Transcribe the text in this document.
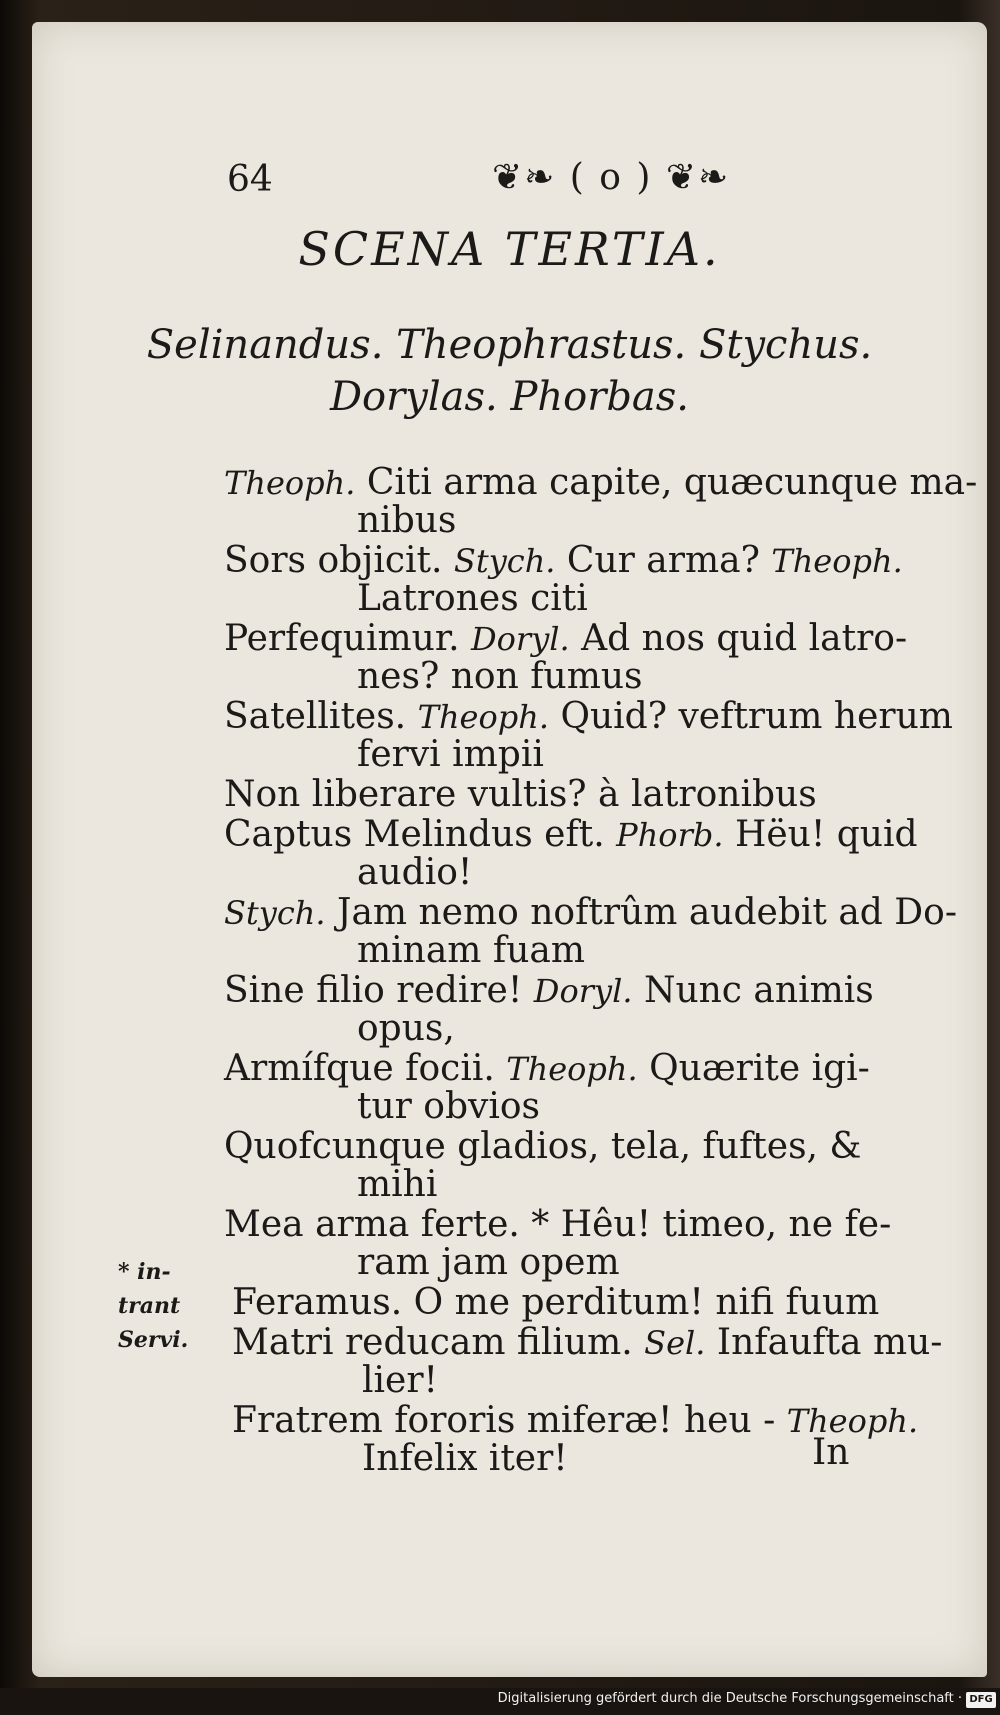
64	❦❧ ( o ) ❦❧
SCENA TERTIA.
Selinandus. Theophrastus. Stychus.
Dorylas. Phorbas.
Theoph. Citi arma capite, quæcunque ma-
nibus
Sors objicit. Stych. Cur arma? Theoph.
Latrones citi
Perfequimur. Doryl. Ad nos quid latro-
nes? non fumus
Satellites. Theoph. Quid? veftrum herum
fervi impii
Non liberare vultis? à latronibus
Captus Melindus eft. Phorb. Hëu! quid
audio!
Stych. Jam nemo noftrûm audebit ad Do-
minam fuam
Sine filio redire! Doryl. Nunc animis
opus,
Armífque focii. Theoph. Quærite igi-
tur obvios
Quofcunque gladios, tela, fuftes, &
mihi
Mea arma ferte. * Hêu! timeo, ne fe-
ram jam opem
Feramus. O me perditum! nifi fuum
Matri reducam filium. Sel. Infaufta mu-
lier!
Fratrem fororis miferæ! heu - Theoph.
Infelix iter!	In
* in-
trant
Servi.
Digitalisierung gefördert durch die Deutsche Forschungsgemeinschaft · DFG
